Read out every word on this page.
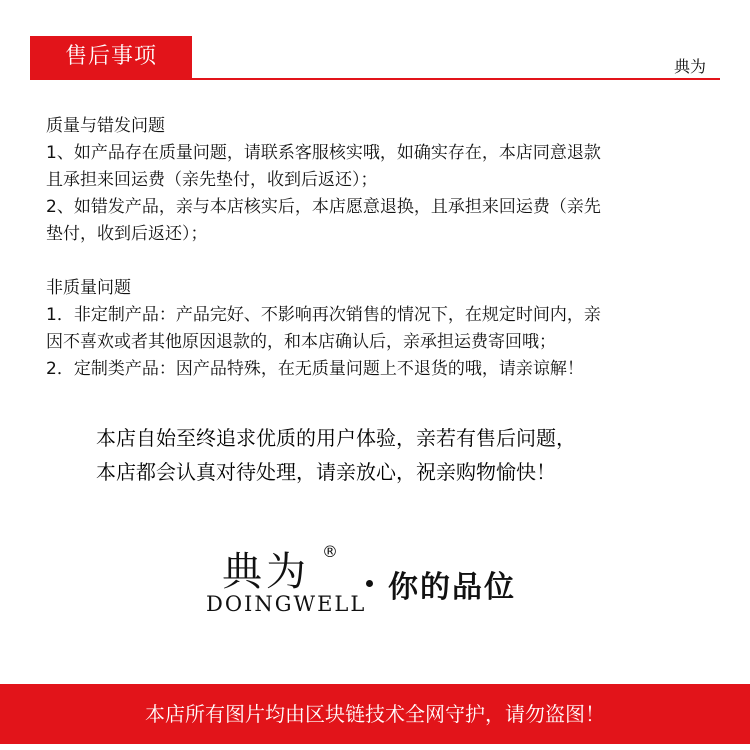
售后事项	典为
质量与错发问题
1、如产品存在质量问题，请联系客服核实哦，如确实存在，本店同意退款
且承担来回运费（亲先垫付，收到后返还）；
2、如错发产品，亲与本店核实后，本店愿意退换，且承担来回运费（亲先
垫付，收到后返还）；
非质量问题
1．非定制产品：产品完好、不影响再次销售的情况下，在规定时间内，亲
因不喜欢或者其他原因退款的，和本店确认后，亲承担运费寄回哦；
2．定制类产品：因产品特殊，在无质量问题上不退货的哦，请亲谅解！
本店自始至终追求优质的用户体验，亲若有售后问题，
本店都会认真对待处理，请亲放心，祝亲购物愉快！
典为 ®
DOINGWELL 你的品位
本店所有图片均由区块链技术全网守护，请勿盗图！
